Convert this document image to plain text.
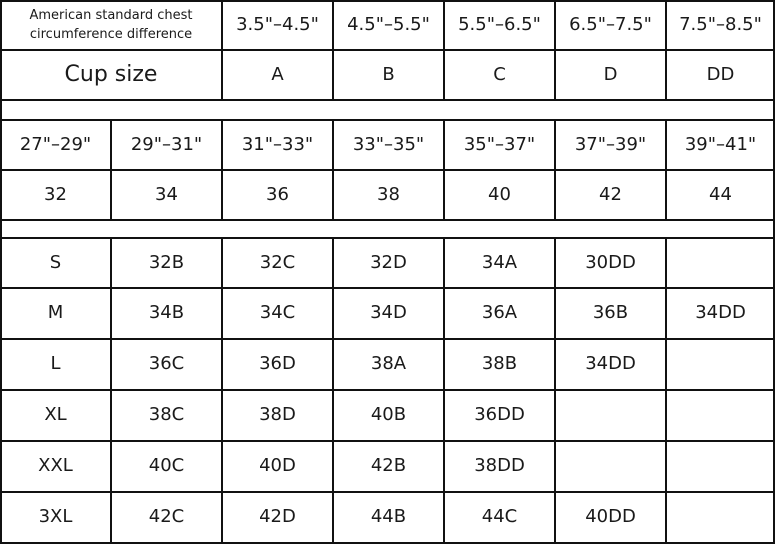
American standard chest circumference difference	3.5"–4.5"	4.5"–5.5"	5.5"–6.5"	6.5"–7.5"	7.5"–8.5"
Cup size	A	B	C	D	DD
27"–29"	29"–31"	31"–33"	33"–35"	35"–37"	37"–39"	39"–41"
32	34	36	38	40	42	44
S	32B	32C	32D	34A	30DD
M	34B	34C	34D	36A	36B	34DD
L	36C	36D	38A	38B	34DD
XL	38C	38D	40B	36DD
XXL	40C	40D	42B	38DD
3XL	42C	42D	44B	44C	40DD
